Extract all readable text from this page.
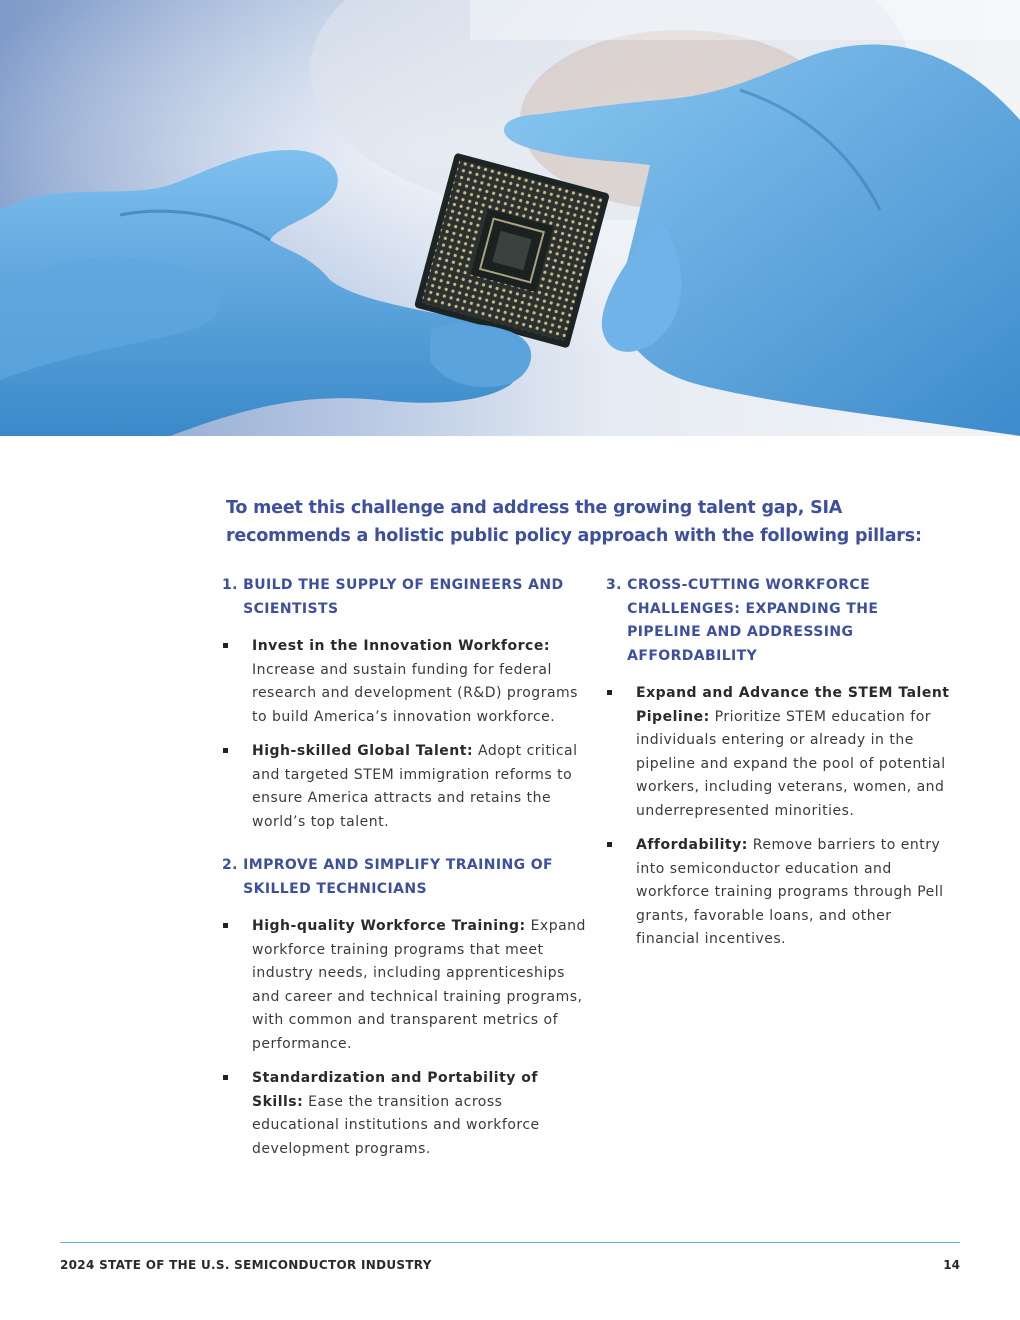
To meet this challenge and address the growing talent gap, SIA recommends a holistic public policy approach with the following pillars:

1. BUILD THE SUPPLY OF ENGINEERS AND SCIENTISTS
Invest in the Innovation Workforce: Increase and sustain funding for federal research and development (R&D) programs to build America’s innovation workforce.
High-skilled Global Talent: Adopt critical and targeted STEM immigration reforms to ensure America attracts and retains the world’s top talent.
2. IMPROVE AND SIMPLIFY TRAINING OF SKILLED TECHNICIANS
High-quality Workforce Training: Expand workforce training programs that meet industry needs, including apprenticeships and career and technical training programs, with common and transparent metrics of performance.
Standardization and Portability of Skills: Ease the transition across educational institutions and workforce development programs.
3. CROSS-CUTTING WORKFORCE CHALLENGES: EXPANDING THE PIPELINE AND ADDRESSING AFFORDABILITY
Expand and Advance the STEM Talent Pipeline: Prioritize STEM education for individuals entering or already in the pipeline and expand the pool of potential workers, including veterans, women, and underrepresented minorities.
Affordability: Remove barriers to entry into semiconductor education and workforce training programs through Pell grants, favorable loans, and other financial incentives.
2024 STATE OF THE U.S. SEMICONDUCTOR INDUSTRY	14
